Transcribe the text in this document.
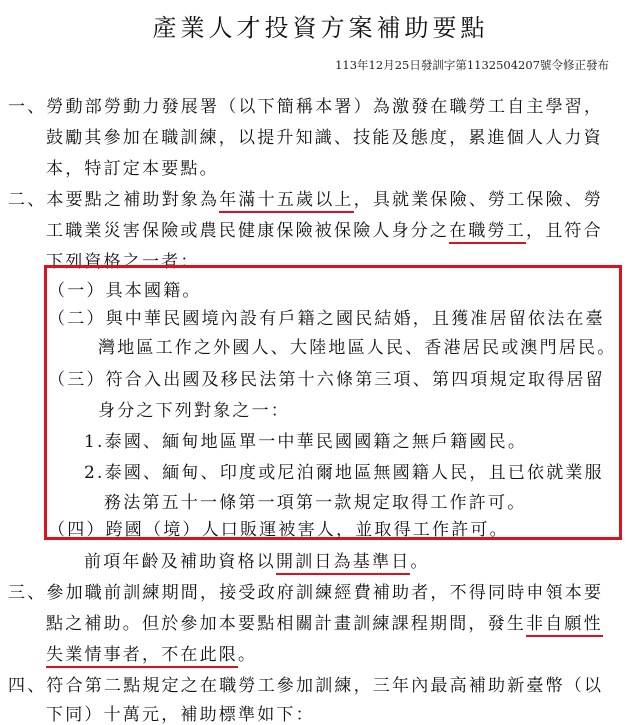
產業人才投資方案補助要點
113年12月25日發訓字第1132504207號令修正發布
一、勞動部勞動力發展署（以下簡稱本署）為激發在職勞工自主學習，
鼓勵其參加在職訓練，以提升知識、技能及態度，累進個人人力資
本，特訂定本要點。
二、本要點之補助對象為年滿十五歲以上，具就業保險、勞工保險、勞
工職業災害保險或農民健康保險被保險人身分之在職勞工，且符合
下列資格之一者：
（一）具本國籍。
（二）與中華民國境內設有戶籍之國民結婚，且獲准居留依法在臺
灣地區工作之外國人、大陸地區人民、香港居民或澳門居民。
（三）符合入出國及移民法第十六條第三項、第四項規定取得居留
身分之下列對象之一：
1.泰國、緬甸地區單一中華民國國籍之無戶籍國民。
2.泰國、緬甸、印度或尼泊爾地區無國籍人民，且已依就業服
務法第五十一條第一項第一款規定取得工作許可。
（四）跨國（境）人口販運被害人，並取得工作許可。
前項年齡及補助資格以開訓日為基準日。
三、參加職前訓練期間，接受政府訓練經費補助者，不得同時申領本要
點之補助。但於參加本要點相關計畫訓練課程期間，發生非自願性
失業情事者，不在此限。
四、符合第二點規定之在職勞工參加訓練，三年內最高補助新臺幣（以
下同）十萬元，補助標準如下：
